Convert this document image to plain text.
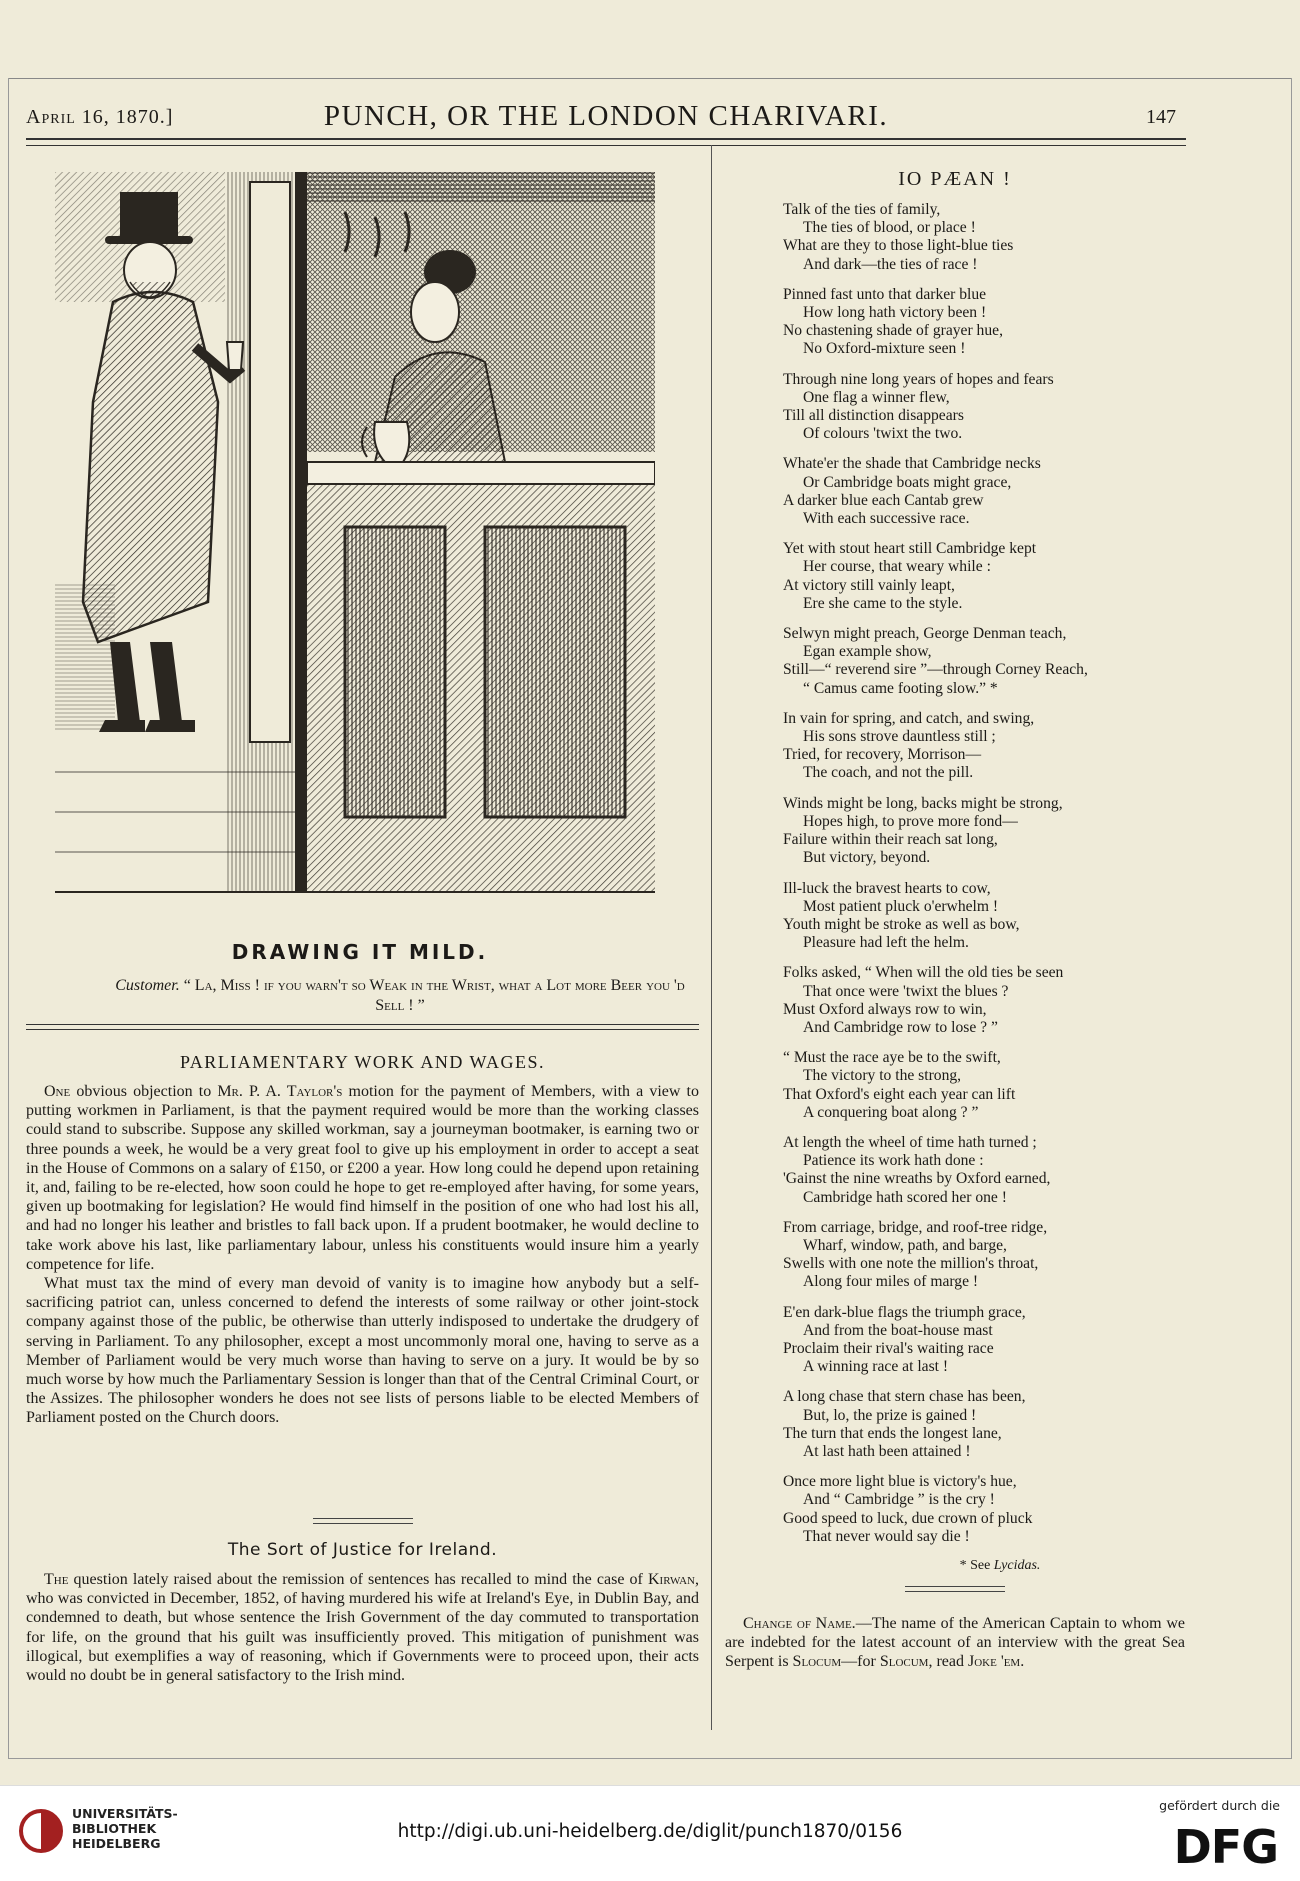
April 16, 1870.]	PUNCH, OR THE LONDON CHARIVARI.	147
DRAWING IT MILD.
Customer. “ La, Miss ! if you warn't so Weak in the Wrist, what a Lot more Beer you 'd Sell ! ”
PARLIAMENTARY WORK AND WAGES.

One obvious objection to Mr. P. A. Taylor's motion for the payment of Members, with a view to putting workmen in Parliament, is that the payment required would be more than the working classes could stand to subscribe. Suppose any skilled workman, say a journeyman bootmaker, is earning two or three pounds a week, he would be a very great fool to give up his employment in order to accept a seat in the House of Commons on a salary of £150, or £200 a year. How long could he depend upon retaining it, and, failing to be re-elected, how soon could he hope to get re-employed after having, for some years, given up bootmaking for legislation? He would find himself in the position of one who had lost his all, and had no longer his leather and bristles to fall back upon. If a prudent bootmaker, he would decline to take work above his last, like parliamentary labour, unless his constituents would insure him a yearly competence for life.

What must tax the mind of every man devoid of vanity is to imagine how anybody but a self-sacrificing patriot can, unless concerned to defend the interests of some railway or other joint-stock company against those of the public, be otherwise than utterly indisposed to undertake the drudgery of serving in Parliament. To any philosopher, except a most uncommonly moral one, having to serve as a Member of Parliament would be very much worse than having to serve on a jury. It would be by so much worse by how much the Parliamentary Session is longer than that of the Central Criminal Court, or the Assizes. The philosopher wonders he does not see lists of persons liable to be elected Members of Parliament posted on the Church doors.

The Sort of Justice for Ireland.

The question lately raised about the remission of sentences has recalled to mind the case of Kirwan, who was convicted in December, 1852, of having murdered his wife at Ireland's Eye, in Dublin Bay, and condemned to death, but whose sentence the Irish Government of the day commuted to transportation for life, on the ground that his guilt was insufficiently proved. This mitigation of punishment was illogical, but exemplifies a way of reasoning, which if Governments were to proceed upon, their acts would no doubt be in general satisfactory to the Irish mind.

IO PÆAN !
Talk of the ties of family,
The ties of blood, or place !
What are they to those light-blue ties
And dark—the ties of race !
Pinned fast unto that darker blue
How long hath victory been !
No chastening shade of grayer hue,
No Oxford-mixture seen !
Through nine long years of hopes and fears
One flag a winner flew,
Till all distinction disappears
Of colours 'twixt the two.
Whate'er the shade that Cambridge necks
Or Cambridge boats might grace,
A darker blue each Cantab grew
With each successive race.
Yet with stout heart still Cambridge kept
Her course, that weary while :
At victory still vainly leapt,
Ere she came to the style.
Selwyn might preach, George Denman teach,
Egan example show,
Still—“ reverend sire ”—through Corney Reach,
“ Camus came footing slow.” *
In vain for spring, and catch, and swing,
His sons strove dauntless still ;
Tried, for recovery, Morrison—
The coach, and not the pill.
Winds might be long, backs might be strong,
Hopes high, to prove more fond—
Failure within their reach sat long,
But victory, beyond.
Ill-luck the bravest hearts to cow,
Most patient pluck o'erwhelm !
Youth might be stroke as well as bow,
Pleasure had left the helm.
Folks asked, “ When will the old ties be seen
That once were 'twixt the blues ?
Must Oxford always row to win,
And Cambridge row to lose ? ”
“ Must the race aye be to the swift,
The victory to the strong,
That Oxford's eight each year can lift
A conquering boat along ? ”
At length the wheel of time hath turned ;
Patience its work hath done :
'Gainst the nine wreaths by Oxford earned,
Cambridge hath scored her one !
From carriage, bridge, and roof-tree ridge,
Wharf, window, path, and barge,
Swells with one note the million's throat,
Along four miles of marge !
E'en dark-blue flags the triumph grace,
And from the boat-house mast
Proclaim their rival's waiting race
A winning race at last !
A long chase that stern chase has been,
But, lo, the prize is gained !
The turn that ends the longest lane,
At last hath been attained !
Once more light blue is victory's hue,
And “ Cambridge ” is the cry !
Good speed to luck, due crown of pluck
That never would say die !
* See Lycidas.
Change of Name.—The name of the American Captain to whom we are indebted for the latest account of an interview with the great Sea Serpent is Slocum—for Slocum, read Joke 'em.
UNIVERSITÄTS-
BIBLIOTHEK
HEIDELBERG
http://digi.ub.uni-heidelberg.de/diglit/punch1870/0156
gefördert durch die
DFG
